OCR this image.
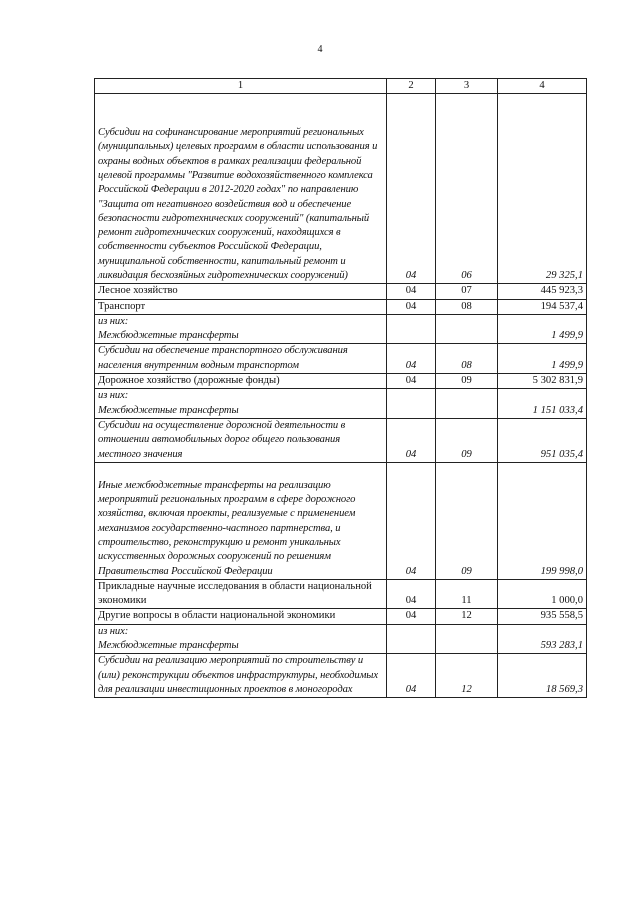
4
1	2	3	4
Субсидии на софинансирование мероприятий региональных (муниципальных) целевых программ в области использования и охраны водных объектов в рамках реализации федеральной целевой программы "Развитие водохозяйственного комплекса Российской Федерации в 2012-2020 годах" по направлению "Защита от негативного воздействия вод и обеспечение безопасности гидротехнических сооружений" (капитальный ремонт гидротехнических сооружений, находящихся в собственности субъектов Российской Федерации, муниципальной собственности, капитальный ремонт и ликвидация бесхозяйных гидротехнических сооружений)	04	06	29 325,1
Лесное хозяйство	04	07	445 923,3
Транспорт	04	08	194 537,4
из них:
Межбюджетные трансферты			1 499,9
Субсидии на обеспечение транспортного обслуживания населения внутренним водным транспортом	04	08	1 499,9
Дорожное хозяйство (дорожные фонды)	04	09	5 302 831,9
из них:
Межбюджетные трансферты			1 151 033,4
Субсидии на осуществление дорожной деятельности в отношении автомобильных дорог общего пользования местного значения	04	09	951 035,4
Иные межбюджетные трансферты на реализацию мероприятий региональных программ в сфере дорожного хозяйства, включая проекты, реализуемые с применением механизмов государственно-частного партнерства, и строительство, реконструкцию и ремонт уникальных искусственных дорожных сооружений по решениям Правительства Российской Федерации	04	09	199 998,0
Прикладные научные исследования в области национальной экономики	04	11	1 000,0
Другие вопросы в области национальной экономики	04	12	935 558,5
из них:
Межбюджетные трансферты			593 283,1
Субсидии на реализацию мероприятий по строительству и (или) реконструкции объектов инфраструктуры, необходимых для реализации инвестиционных проектов в моногородах	04	12	18 569,3
